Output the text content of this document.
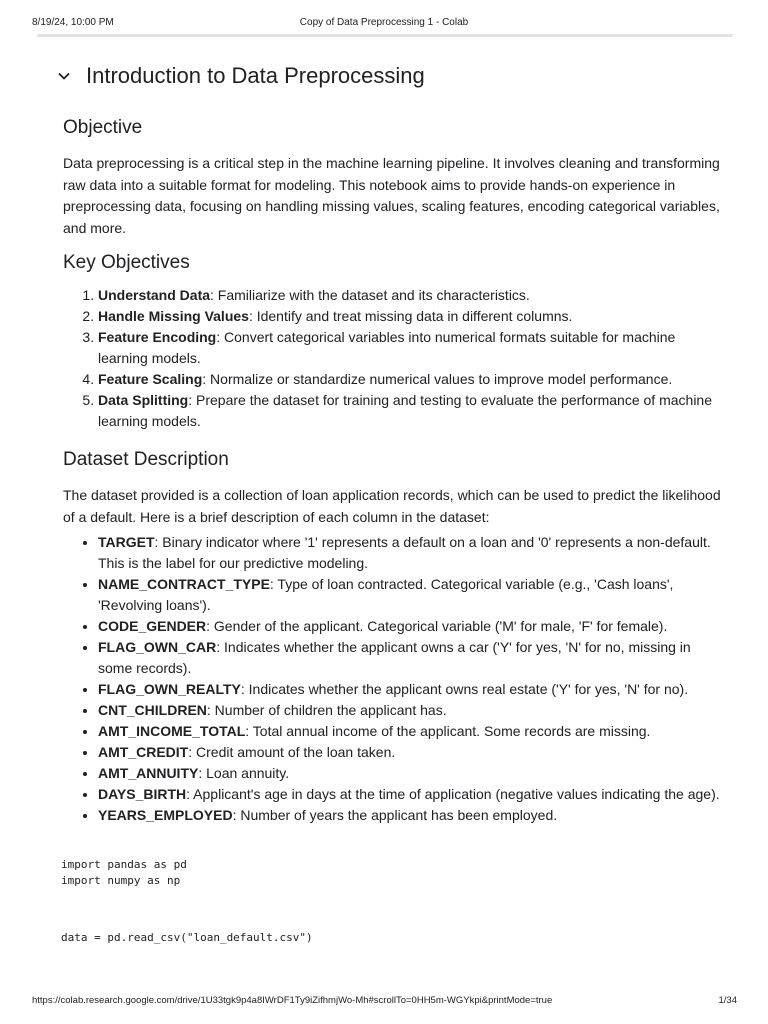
8/19/24, 10:00 PM	Copy of Data Preprocessing 1 - Colab
Introduction to Data Preprocessing
Objective

Data preprocessing is a critical step in the machine learning pipeline. It involves cleaning and transforming raw data into a suitable format for modeling. This notebook aims to provide hands-on experience in preprocessing data, focusing on handling missing values, scaling features, encoding categorical variables, and more.

Key Objectives
1. Understand Data: Familiarize with the dataset and its characteristics.
2. Handle Missing Values: Identify and treat missing data in different columns.
3. Feature Encoding: Convert categorical variables into numerical formats suitable for machine learning models.
4. Feature Scaling: Normalize or standardize numerical values to improve model performance.
5. Data Splitting: Prepare the dataset for training and testing to evaluate the performance of machine learning models.
Dataset Description

The dataset provided is a collection of loan application records, which can be used to predict the likelihood of a default. Here is a brief description of each column in the dataset:

• TARGET: Binary indicator where '1' represents a default on a loan and '0' represents a non-default. This is the label for our predictive modeling.
• NAME_CONTRACT_TYPE: Type of loan contracted. Categorical variable (e.g., 'Cash loans', 'Revolving loans').
• CODE_GENDER: Gender of the applicant. Categorical variable ('M' for male, 'F' for female).
• FLAG_OWN_CAR: Indicates whether the applicant owns a car ('Y' for yes, 'N' for no, missing in some records).
• FLAG_OWN_REALTY: Indicates whether the applicant owns real estate ('Y' for yes, 'N' for no).
• CNT_CHILDREN: Number of children the applicant has.
• AMT_INCOME_TOTAL: Total annual income of the applicant. Some records are missing.
• AMT_CREDIT: Credit amount of the loan taken.
• AMT_ANNUITY: Loan annuity.
• DAYS_BIRTH: Applicant's age in days at the time of application (negative values indicating the age).
• YEARS_EMPLOYED: Number of years the applicant has been employed.
import pandas as pd
import numpy as np
data = pd.read_csv("loan_default.csv")
https://colab.research.google.com/drive/1U33tgk9p4a8IWrDF1Ty9iZifhmjWo-Mh#scrollTo=0HH5m-WGYkpi&printMode=true	1/34
